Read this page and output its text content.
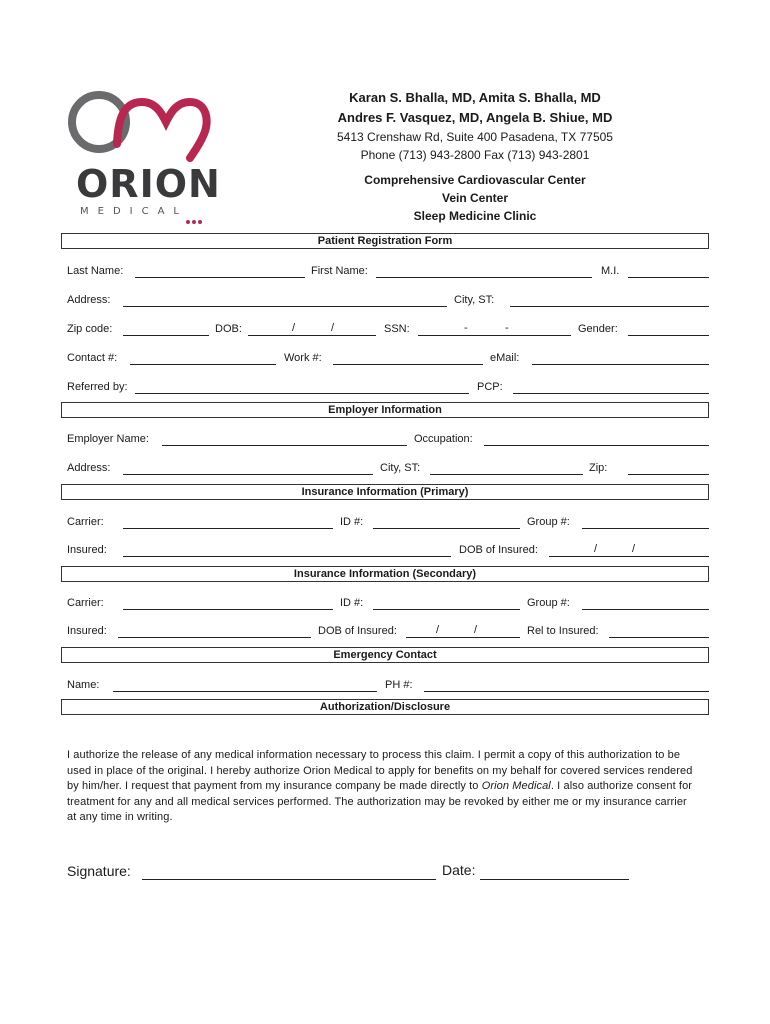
ORION
MEDICAL
Karan S. Bhalla, MD, Amita S. Bhalla, MD
Andres F. Vasquez, MD, Angela B. Shiue, MD
5413 Crenshaw Rd, Suite 400 Pasadena, TX 77505
Phone (713) 943-2800 Fax (713) 943-2801
Comprehensive Cardiovascular Center
Vein Center
Sleep Medicine Clinic
Patient Registration Form
Last Name:	First Name:	M.I.
Address:	City, ST:
Zip code:	DOB:	/	/	SSN:	-	-	Gender:
Contact #:	Work #:	eMail:
Referred by:	PCP:
Employer Information
Employer Name:	Occupation:
Address:	City, ST:	Zip:
Insurance Information (Primary)
Carrier:	ID #:	Group #:
Insured:	DOB of Insured:	/	/
Insurance Information (Secondary)
Carrier:	ID #:	Group #:
Insured:	DOB of Insured:	/	/	Rel to Insured:
Emergency Contact
Name:	PH #:
Authorization/Disclosure
I authorize the release of any medical information necessary to process this claim. I permit a copy of this authorization to be used in place of the original. I hereby authorize Orion Medical to apply for benefits on my behalf for covered services rendered by him/her. I request that payment from my insurance company be made directly to Orion Medical. I also authorize consent for treatment for any and all medical services performed. The authorization may be revoked by either me or my insurance carrier at any time in writing.
Signature:	Date:
